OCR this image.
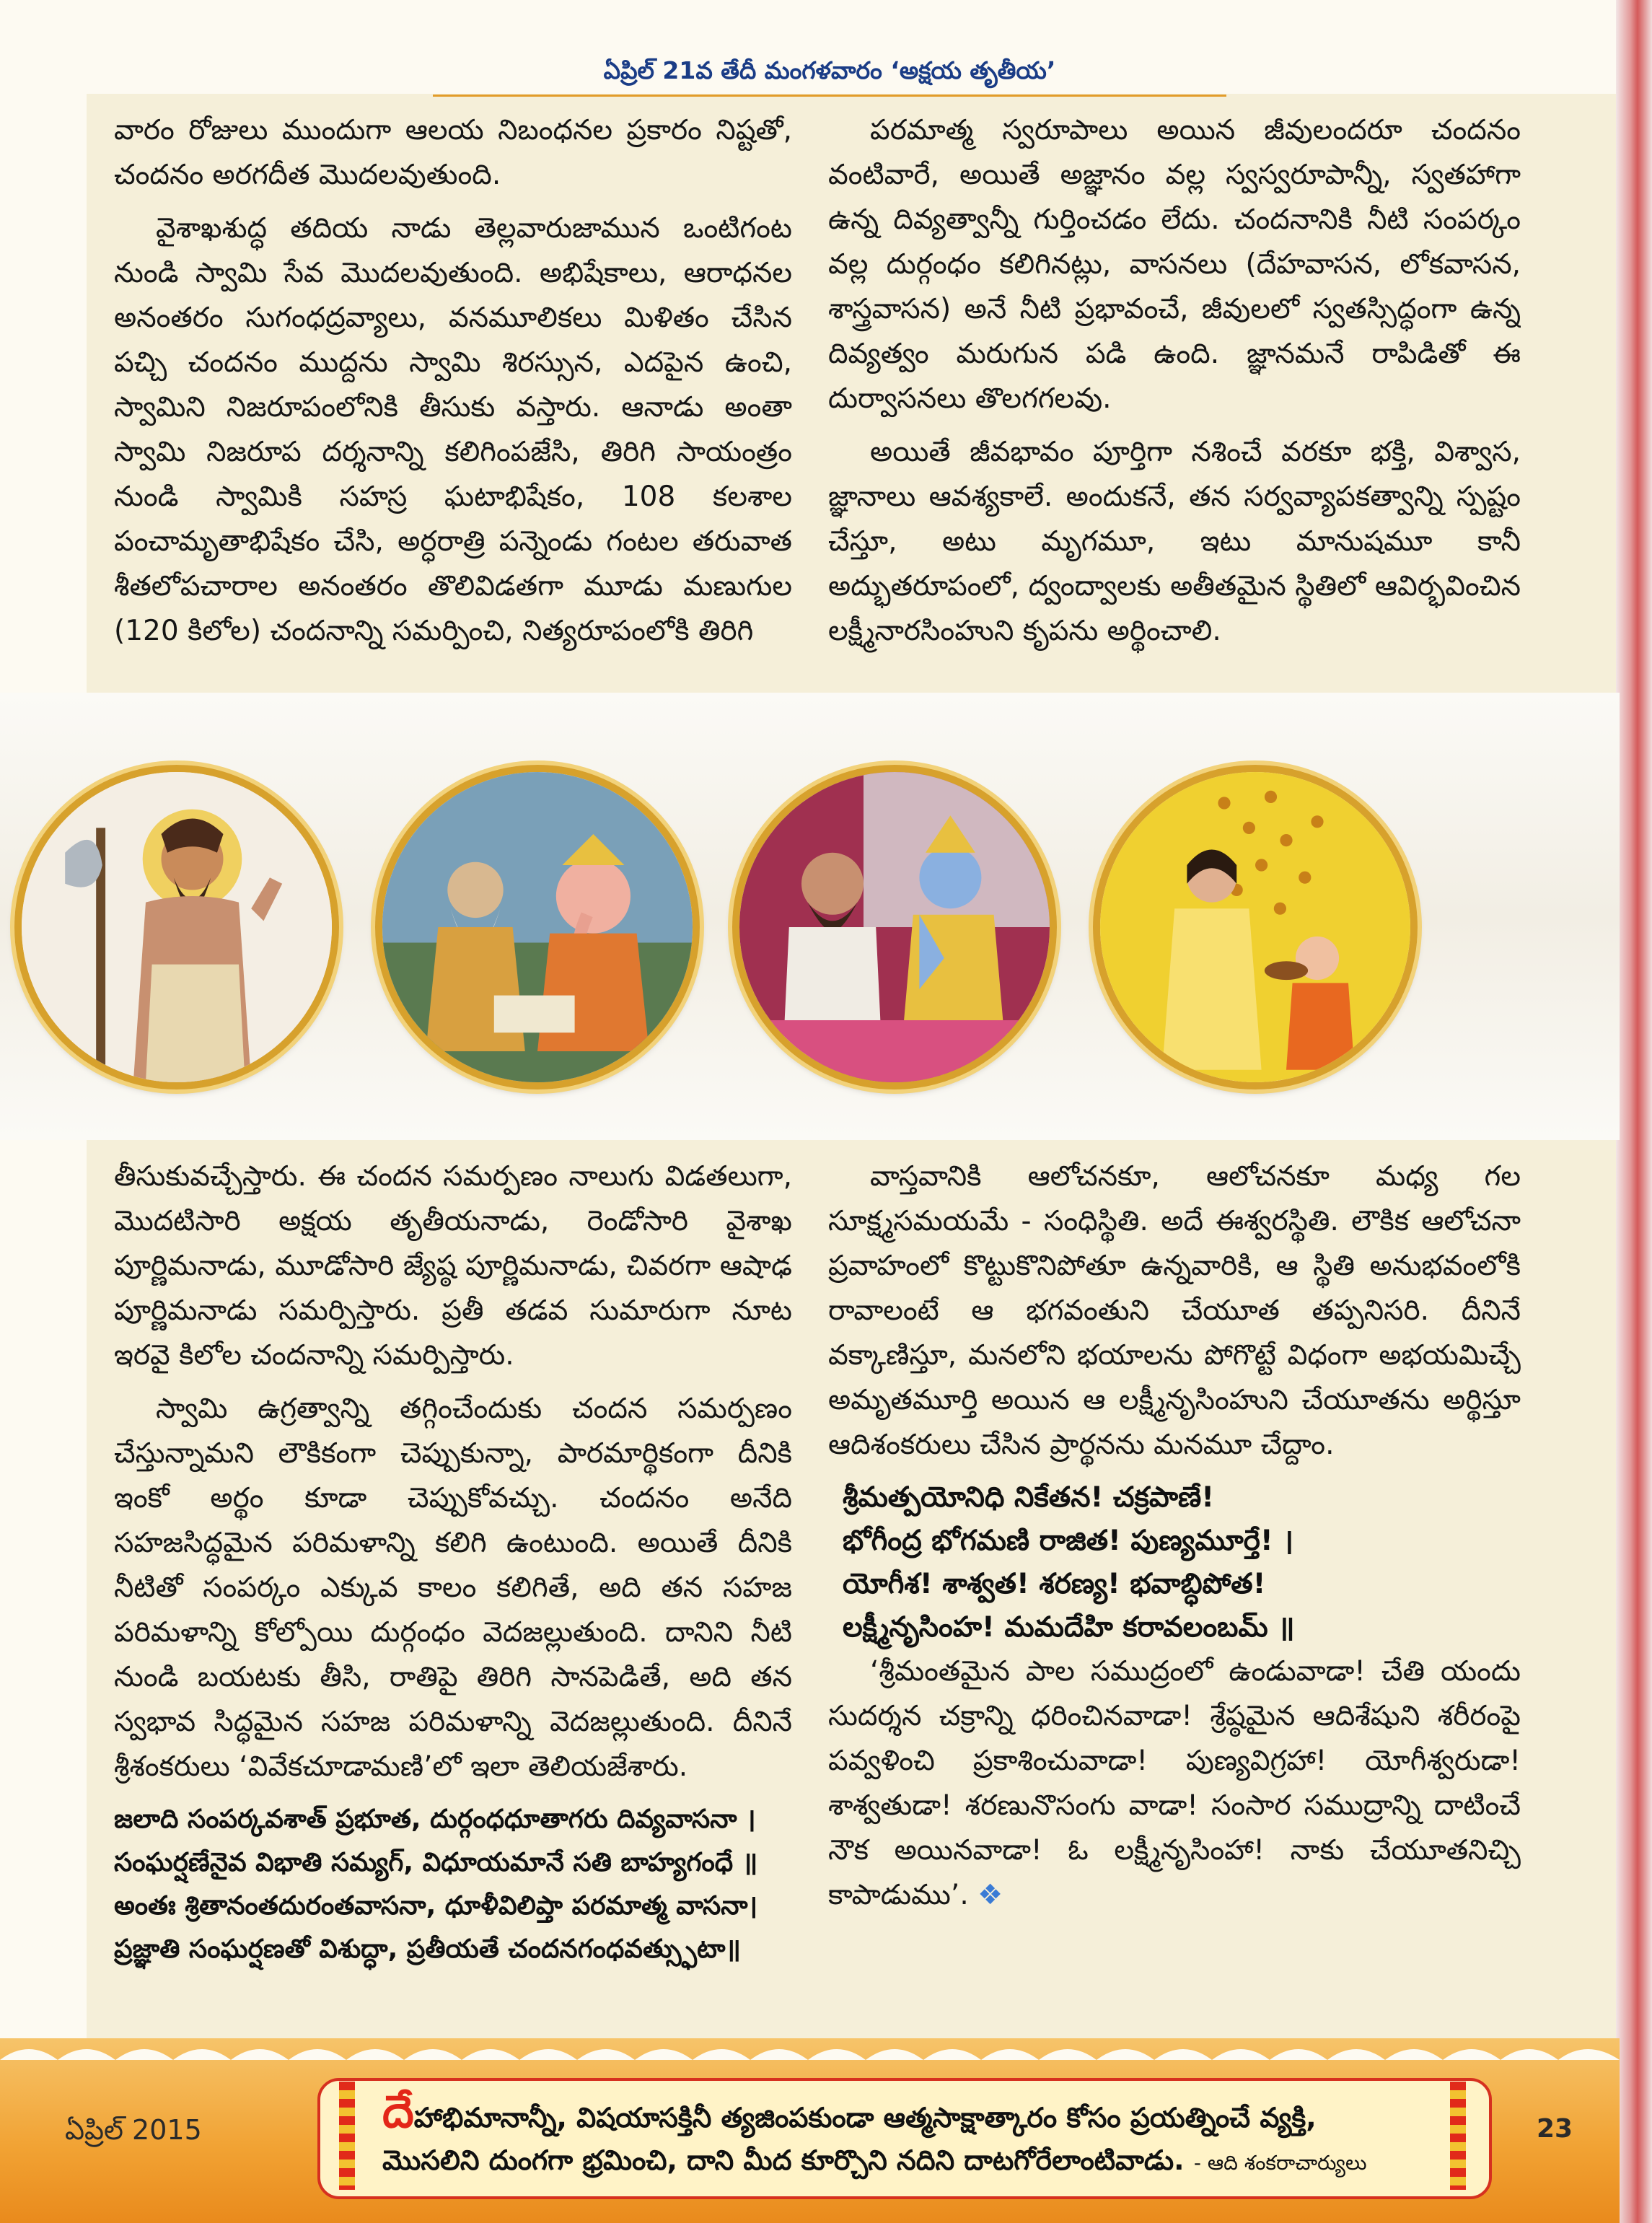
ఏప్రిల్ 21వ తేదీ మంగళవారం ‘అక్షయ తృతీయ’

వారం రోజులు ముందుగా ఆలయ నిబంధనల ప్రకారం నిష్టతో, చందనం అరగదీత మొదలవుతుంది.

వైశాఖశుద్ధ తదియ నాడు తెల్లవారుజామున ఒంటిగంట నుండి స్వామి సేవ మొదలవుతుంది. అభిషేకాలు, ఆరాధనల అనంతరం సుగంధద్రవ్యాలు, వనమూలికలు మిళితం చేసిన పచ్చి చందనం ముద్దను స్వామి శిరస్సున, ఎదపైన ఉంచి, స్వామిని నిజరూపంలోనికి తీసుకు వస్తారు. ఆనాడు అంతా స్వామి నిజరూప దర్శనాన్ని కలిగింపజేసి, తిరిగి సాయంత్రం నుండి స్వామికి సహస్ర ఘటాభిషేకం, 108 కలశాల పంచామృతాభిషేకం చేసి, అర్ధరాత్రి పన్నెండు గంటల తరువాత శీతలోపచారాల అనంతరం తొలివిడతగా మూడు మణుగుల (120 కిలోల) చందనాన్ని సమర్పించి, నిత్యరూపంలోకి తిరిగి

పరమాత్మ స్వరూపాలు అయిన జీవులందరూ చందనం వంటివారే, అయితే అజ్ఞానం వల్ల స్వస్వరూపాన్నీ, స్వతహాగా ఉన్న దివ్యత్వాన్నీ గుర్తించడం లేదు. చందనానికి నీటి సంపర్కం వల్ల దుర్గంధం కలిగినట్లు, వాసనలు (దేహవాసన, లోకవాసన, శాస్త్రవాసన) అనే నీటి ప్రభావంచే, జీవులలో స్వతస్సిద్ధంగా ఉన్న దివ్యత్వం మరుగున పడి ఉంది. జ్ఞానమనే రాపిడితో ఈ దుర్వాసనలు తొలగగలవు.

అయితే జీవభావం పూర్తిగా నశించే వరకూ భక్తి, విశ్వాస, జ్ఞానాలు ఆవశ్యకాలే. అందుకనే, తన సర్వవ్యాపకత్వాన్ని స్పష్టం చేస్తూ, అటు మృగమూ, ఇటు మానుషమూ కానీ అద్భుతరూపంలో, ద్వంద్వాలకు అతీతమైన స్థితిలో ఆవిర్భవించిన లక్ష్మీనారసింహుని కృపను అర్థించాలి.

తీసుకువచ్చేస్తారు. ఈ చందన సమర్పణం నాలుగు విడతలుగా, మొదటిసారి అక్షయ తృతీయనాడు, రెండోసారి వైశాఖ పూర్ణిమనాడు, మూడోసారి జ్యేష్ఠ పూర్ణిమనాడు, చివరగా ఆషాఢ పూర్ణిమనాడు సమర్పిస్తారు. ప్రతీ తడవ సుమారుగా నూట ఇరవై కిలోల చందనాన్ని సమర్పిస్తారు.

స్వామి ఉగ్రత్వాన్ని తగ్గించేందుకు చందన సమర్పణం చేస్తున్నామని లౌకికంగా చెప్పుకున్నా, పారమార్థికంగా దీనికి ఇంకో అర్థం కూడా చెప్పుకోవచ్చు. చందనం అనేది సహజసిద్ధమైన పరిమళాన్ని కలిగి ఉంటుంది. అయితే దీనికి నీటితో సంపర్కం ఎక్కువ కాలం కలిగితే, అది తన సహజ పరిమళాన్ని కోల్పోయి దుర్గంధం వెదజల్లుతుంది. దానిని నీటి నుండి బయటకు తీసి, రాతిపై తిరిగి సానపెడితే, అది తన స్వభావ సిద్ధమైన సహజ పరిమళాన్ని వెదజల్లుతుంది. దీనినే శ్రీశంకరులు ‘వివేకచూడామణి’లో ఇలా తెలియజేశారు.

జలాది సంపర్కవశాత్ ప్రభూత, దుర్గంధధూతాగరు దివ్యవాసనా ।

సంఘర్షణేనైవ విభాతి సమ్యగ్, విధూయమానే సతి బాహ్యగంధే ॥

అంతః శ్రితానంతదురంతవాసనా, ధూళీవిలిప్తా పరమాత్మ వాసనా।

ప్రజ్ఞాతి సంఘర్షణతో విశుద్ధా, ప్రతీయతే చందనగంధవత్స్ఫుటా॥

వాస్తవానికి ఆలోచనకూ, ఆలోచనకూ మధ్య గల సూక్ష్మసమయమే - సంధిస్థితి. అదే ఈశ్వరస్థితి. లౌకిక ఆలోచనా ప్రవాహంలో కొట్టుకొనిపోతూ ఉన్నవారికి, ఆ స్థితి అనుభవంలోకి రావాలంటే ఆ భగవంతుని చేయూత తప్పనిసరి. దీనినే వక్కాణిస్తూ, మనలోని భయాలను పోగొట్టే విధంగా అభయమిచ్చే అమృతమూర్తి అయిన ఆ లక్ష్మీనృసింహుని చేయూతను అర్థిస్తూ ఆదిశంకరులు చేసిన ప్రార్థనను మనమూ చేద్దాం.

శ్రీమత్పయోనిధి నికేతన! చక్రపాణే!

భోగీంద్ర భోగమణి రాజిత! పుణ్యమూర్తే! ।

యోగీశ! శాశ్వత! శరణ్య! భవాబ్ధిపోత!

లక్ష్మీనృసింహ! మమదేహి కరావలంబమ్ ॥

‘శ్రీమంతమైన పాల సముద్రంలో ఉండువాడా! చేతి యందు సుదర్శన చక్రాన్ని ధరించినవాడా! శ్రేష్ఠమైన ఆదిశేషుని శరీరంపై పవ్వళించి ప్రకాశించువాడా! పుణ్యవిగ్రహా! యోగీశ్వరుడా! శాశ్వతుడా! శరణునొసంగు వాడా! సంసార సముద్రాన్ని దాటించే నౌక అయినవాడా! ఓ లక్ష్మీనృసింహా! నాకు చేయూతనిచ్చి కాపాడుము’. ❖

ఏప్రిల్ 2015	దేహాభిమానాన్నీ, విషయాసక్తినీ త్యజింపకుండా ఆత్మసాక్షాత్కారం కోసం ప్రయత్నించే వ్యక్తి,
మొసలిని దుంగగా భ్రమించి, దాని మీద కూర్చొని నదిని దాటగోరేలాంటివాడు. - ఆది శంకరాచార్యులు
23
